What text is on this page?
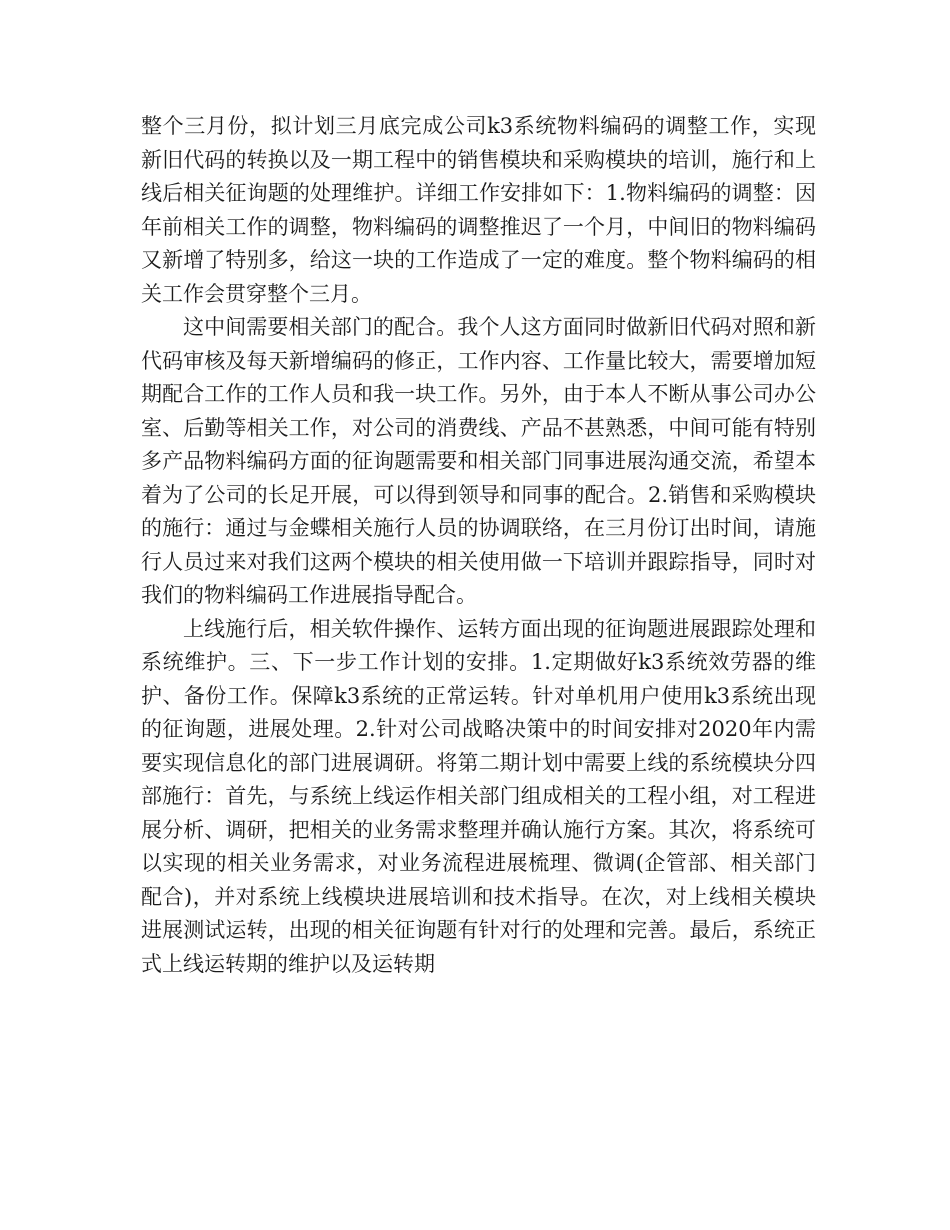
整个三月份，拟计划三月底完成公司k3系统物料编码的调整工作，实现新旧代码的转换以及一期工程中的销售模块和采购模块的培训，施行和上线后相关征询题的处理维护。详细工作安排如下：1.物料编码的调整：因年前相关工作的调整，物料编码的调整推迟了一个月，中间旧的物料编码又新增了特别多，给这一块的工作造成了一定的难度。整个物料编码的相关工作会贯穿整个三月。

这中间需要相关部门的配合。我个人这方面同时做新旧代码对照和新代码审核及每天新增编码的修正，工作内容、工作量比较大，需要增加短期配合工作的工作人员和我一块工作。另外，由于本人不断从事公司办公室、后勤等相关工作，对公司的消费线、产品不甚熟悉，中间可能有特别多产品物料编码方面的征询题需要和相关部门同事进展沟通交流，希望本着为了公司的长足开展，可以得到领导和同事的配合。2.销售和采购模块的施行：通过与金蝶相关施行人员的协调联络，在三月份订出时间，请施行人员过来对我们这两个模块的相关使用做一下培训并跟踪指导，同时对我们的物料编码工作进展指导配合。

上线施行后，相关软件操作、运转方面出现的征询题进展跟踪处理和系统维护。三、下一步工作计划的安排。1.定期做好k3系统效劳器的维护、备份工作。保障k3系统的正常运转。针对单机用户使用k3系统出现的征询题，进展处理。2.针对公司战略决策中的时间安排对2020年内需要实现信息化的部门进展调研。将第二期计划中需要上线的系统模块分四部施行：首先，与系统上线运作相关部门组成相关的工程小组，对工程进展分析、调研，把相关的业务需求整理并确认施行方案。其次，将系统可以实现的相关业务需求，对业务流程进展梳理、微调(企管部、相关部门配合)，并对系统上线模块进展培训和技术指导。在次，对上线相关模块进展测试运转，出现的相关征询题有针对行的处理和完善。最后，系统正式上线运转期的维护以及运转期
